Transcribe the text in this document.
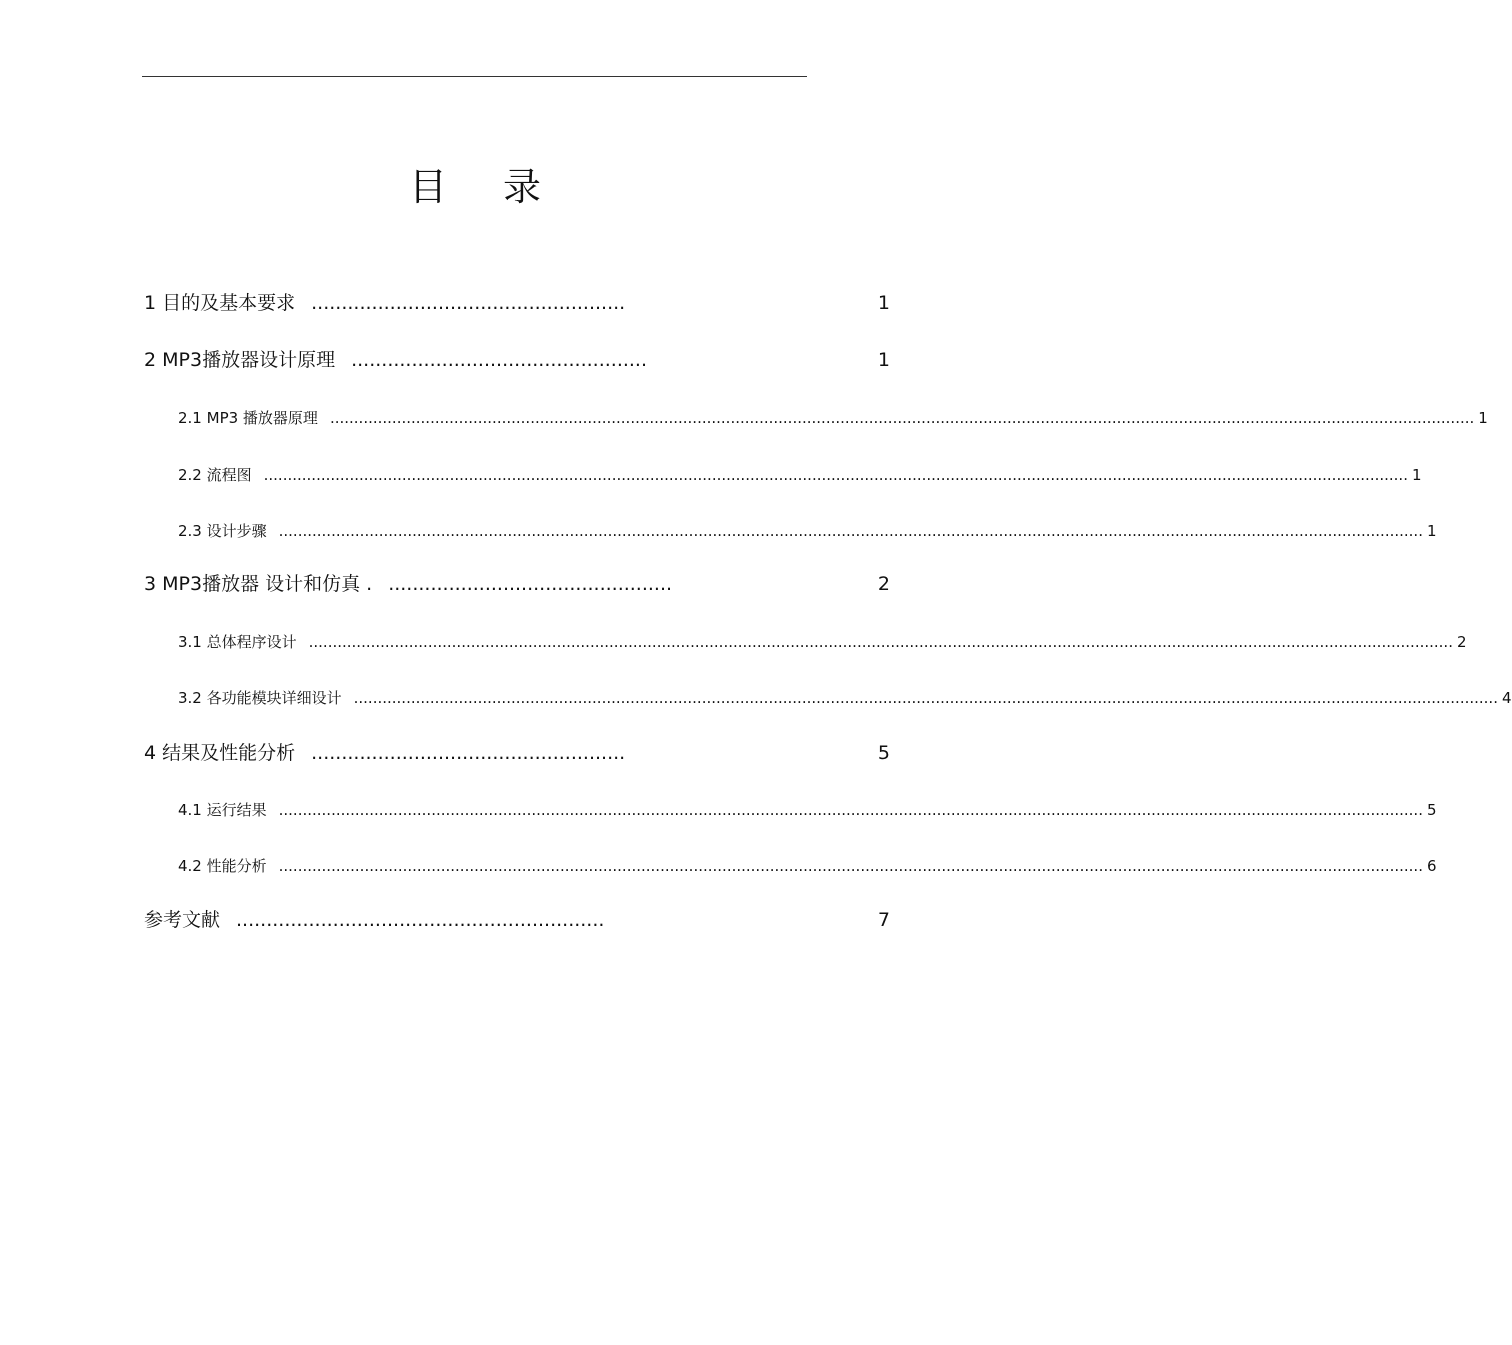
目 录
1 目的及基本要求 ....................................................	1
2 MP3播放器设计原理 .................................................	1
2.1 MP3 播放器原理 ................................................................................................................................................................................................................................................ 1
2.2 流程图 ................................................................................................................................................................................................................................................ 1
2.3 设计步骤 ................................................................................................................................................................................................................................................ 1
3 MP3播放器 设计和仿真 . ...............................................	2
3.1 总体程序设计 ................................................................................................................................................................................................................................................ 2
3.2 各功能模块详细设计 ................................................................................................................................................................................................................................................ 4
4 结果及性能分析 ....................................................	5
4.1 运行结果 ................................................................................................................................................................................................................................................ 5
4.2 性能分析 ................................................................................................................................................................................................................................................ 6
参考文献 .............................................................	7
